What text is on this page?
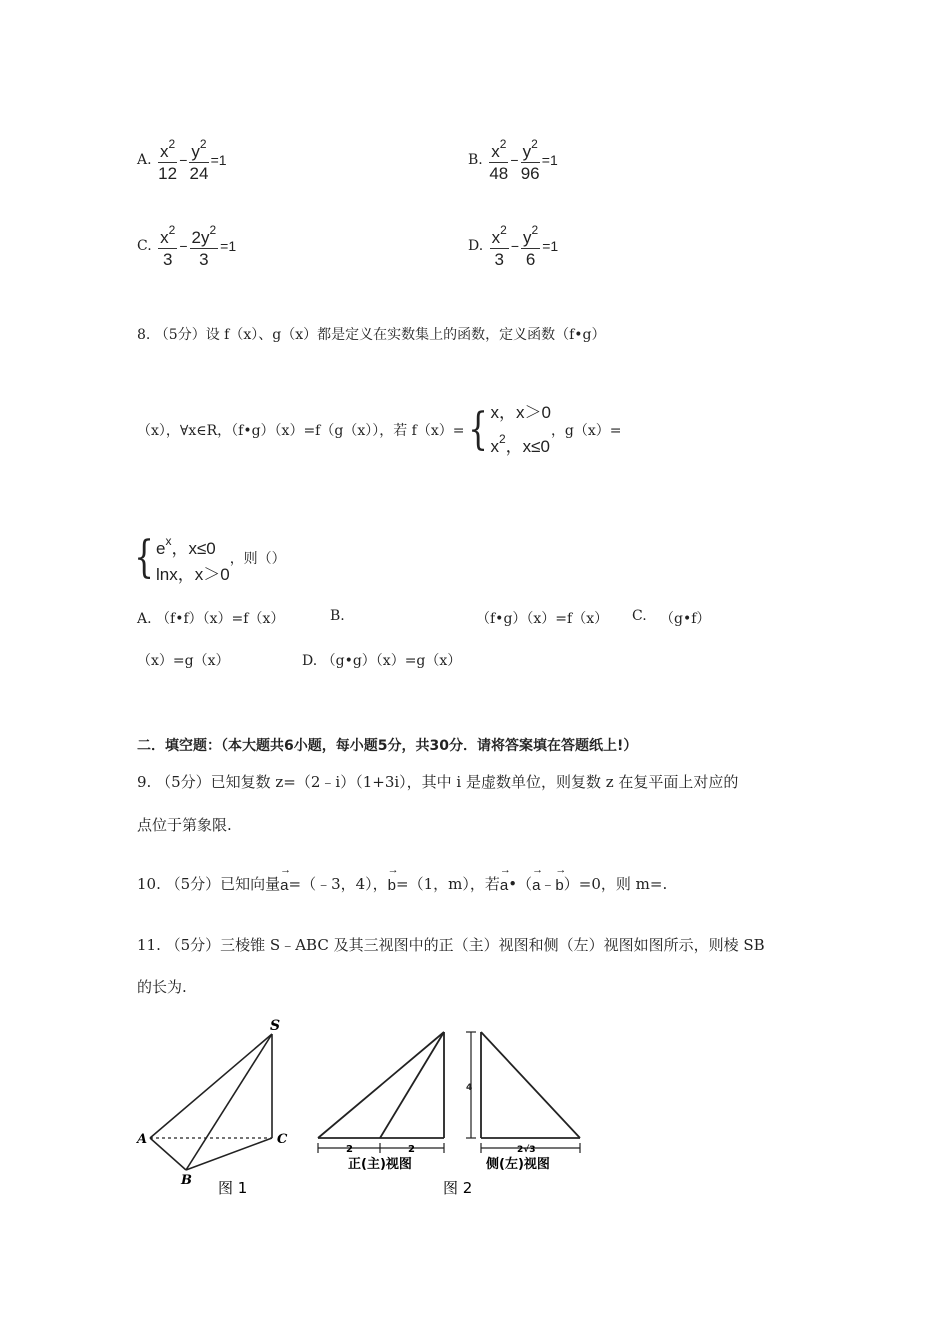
A.
$\frac{x^2}{12} - \frac{y^2}{24} =1$	B.
$\frac{x^2}{48} - \frac{y^2}{96} =1$
C.
$\frac{x^2}{3} - \frac{2y^2}{3} =1$	D.
$\frac{x^2}{3} - \frac{y^2}{6} =1$
8. （5分）设 f（x）、g（x）都是定义在实数集上的函数，定义函数（f•g）
（x），∀x∈R，（f•g）（x）=f（g（x）），若 f（x）= { x，x＞0
$x^2$，x≤0
，g（x）=
{ $e^x$，x≤0
lnx，x＞0
，则（）
A. （f•f）（x）=f（x）	B.	（f•g）（x）=f（x） C. （g•f）
（x）=g（x）	D. （g•g）（x）=g（x）
二．填空题：（本大题共6小题，每小题5分，共30分．请将答案填在答题纸上!）
9. （5分）已知复数 z=（2﹣i）（1+3i），其中 i 是虚数单位，则复数 z 在复平面上对应的
点位于第象限.
10. （5分）已知向量 → a =（﹣3，4）， → b =（1，m），若 → a •（ → a ﹣ → b ）=0，则 m=.
11. （5分）三棱锥 S﹣ABC 及其三视图中的正（主）视图和侧（左）视图如图所示，则棱 SB
的长为.
S
A	C
B 图 1
2	2
正(主)视图
4
2√3
侧(左)视图
图 2
